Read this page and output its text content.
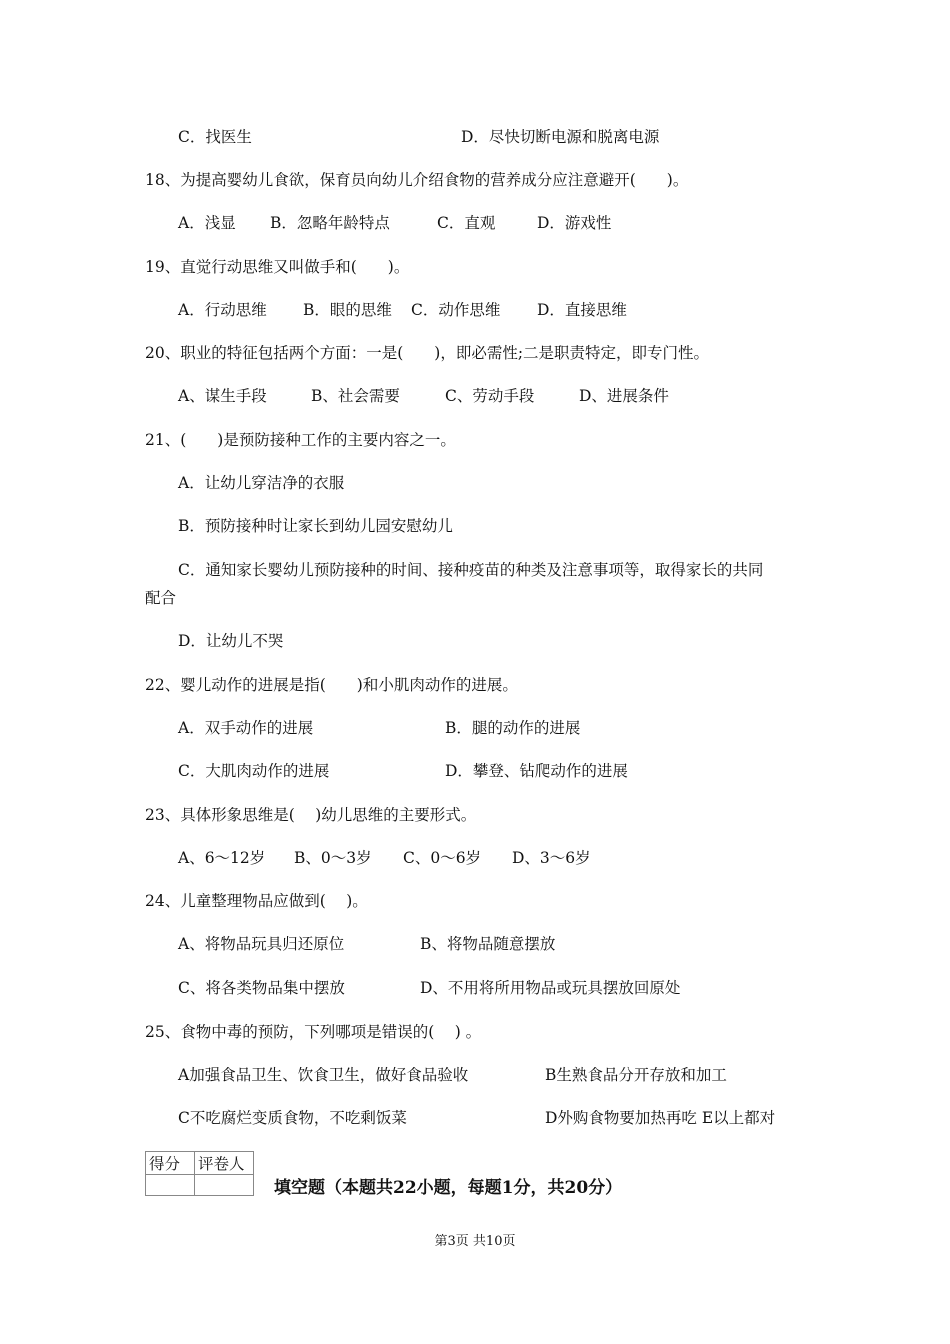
C．找医生	D．尽快切断电源和脱离电源
18、为提高婴幼儿食欲，保育员向幼儿介绍食物的营养成分应注意避开(　　)。
A．浅显 B．忽略年龄特点	C．直观	D．游戏性
19、直觉行动思维又叫做手和(　　)。
A．行动思维 B．眼的思维 C．动作思维 D．直接思维
20、职业的特征包括两个方面：一是(　　)，即必需性;二是职责特定，即专门性。
A、谋生手段	B、社会需要	C、劳动手段	D、进展条件
21、(　　)是预防接种工作的主要内容之一。
A．让幼儿穿洁净的衣服
B．预防接种时让家长到幼儿园安慰幼儿
C．通知家长婴幼儿预防接种的时间、接种疫苗的种类及注意事项等，取得家长的共同
配合
D．让幼儿不哭
22、婴儿动作的进展是指(　　)和小肌肉动作的进展。
A．双手动作的进展	B．腿的动作的进展
C．大肌肉动作的进展	D．攀登、钻爬动作的进展
23、具体形象思维是(　 )幼儿思维的主要形式。
A、6～12岁 B、0～3岁 C、0～6岁 D、3～6岁
24、儿童整理物品应做到(　 )。
A、将物品玩具归还原位	B、将物品随意摆放
C、将各类物品集中摆放	D、不用将所用物品或玩具摆放回原处
25、食物中毒的预防，下列哪项是错误的(　 ) 。
A加强食品卫生、饮食卫生，做好食品验收	B生熟食品分开存放和加工
C不吃腐烂变质食物，不吃剩饭菜	D外购食物要加热再吃 E以上都对
得分	评卷人

填空题（本题共22小题，每题1分，共20分）
第3页 共10页
